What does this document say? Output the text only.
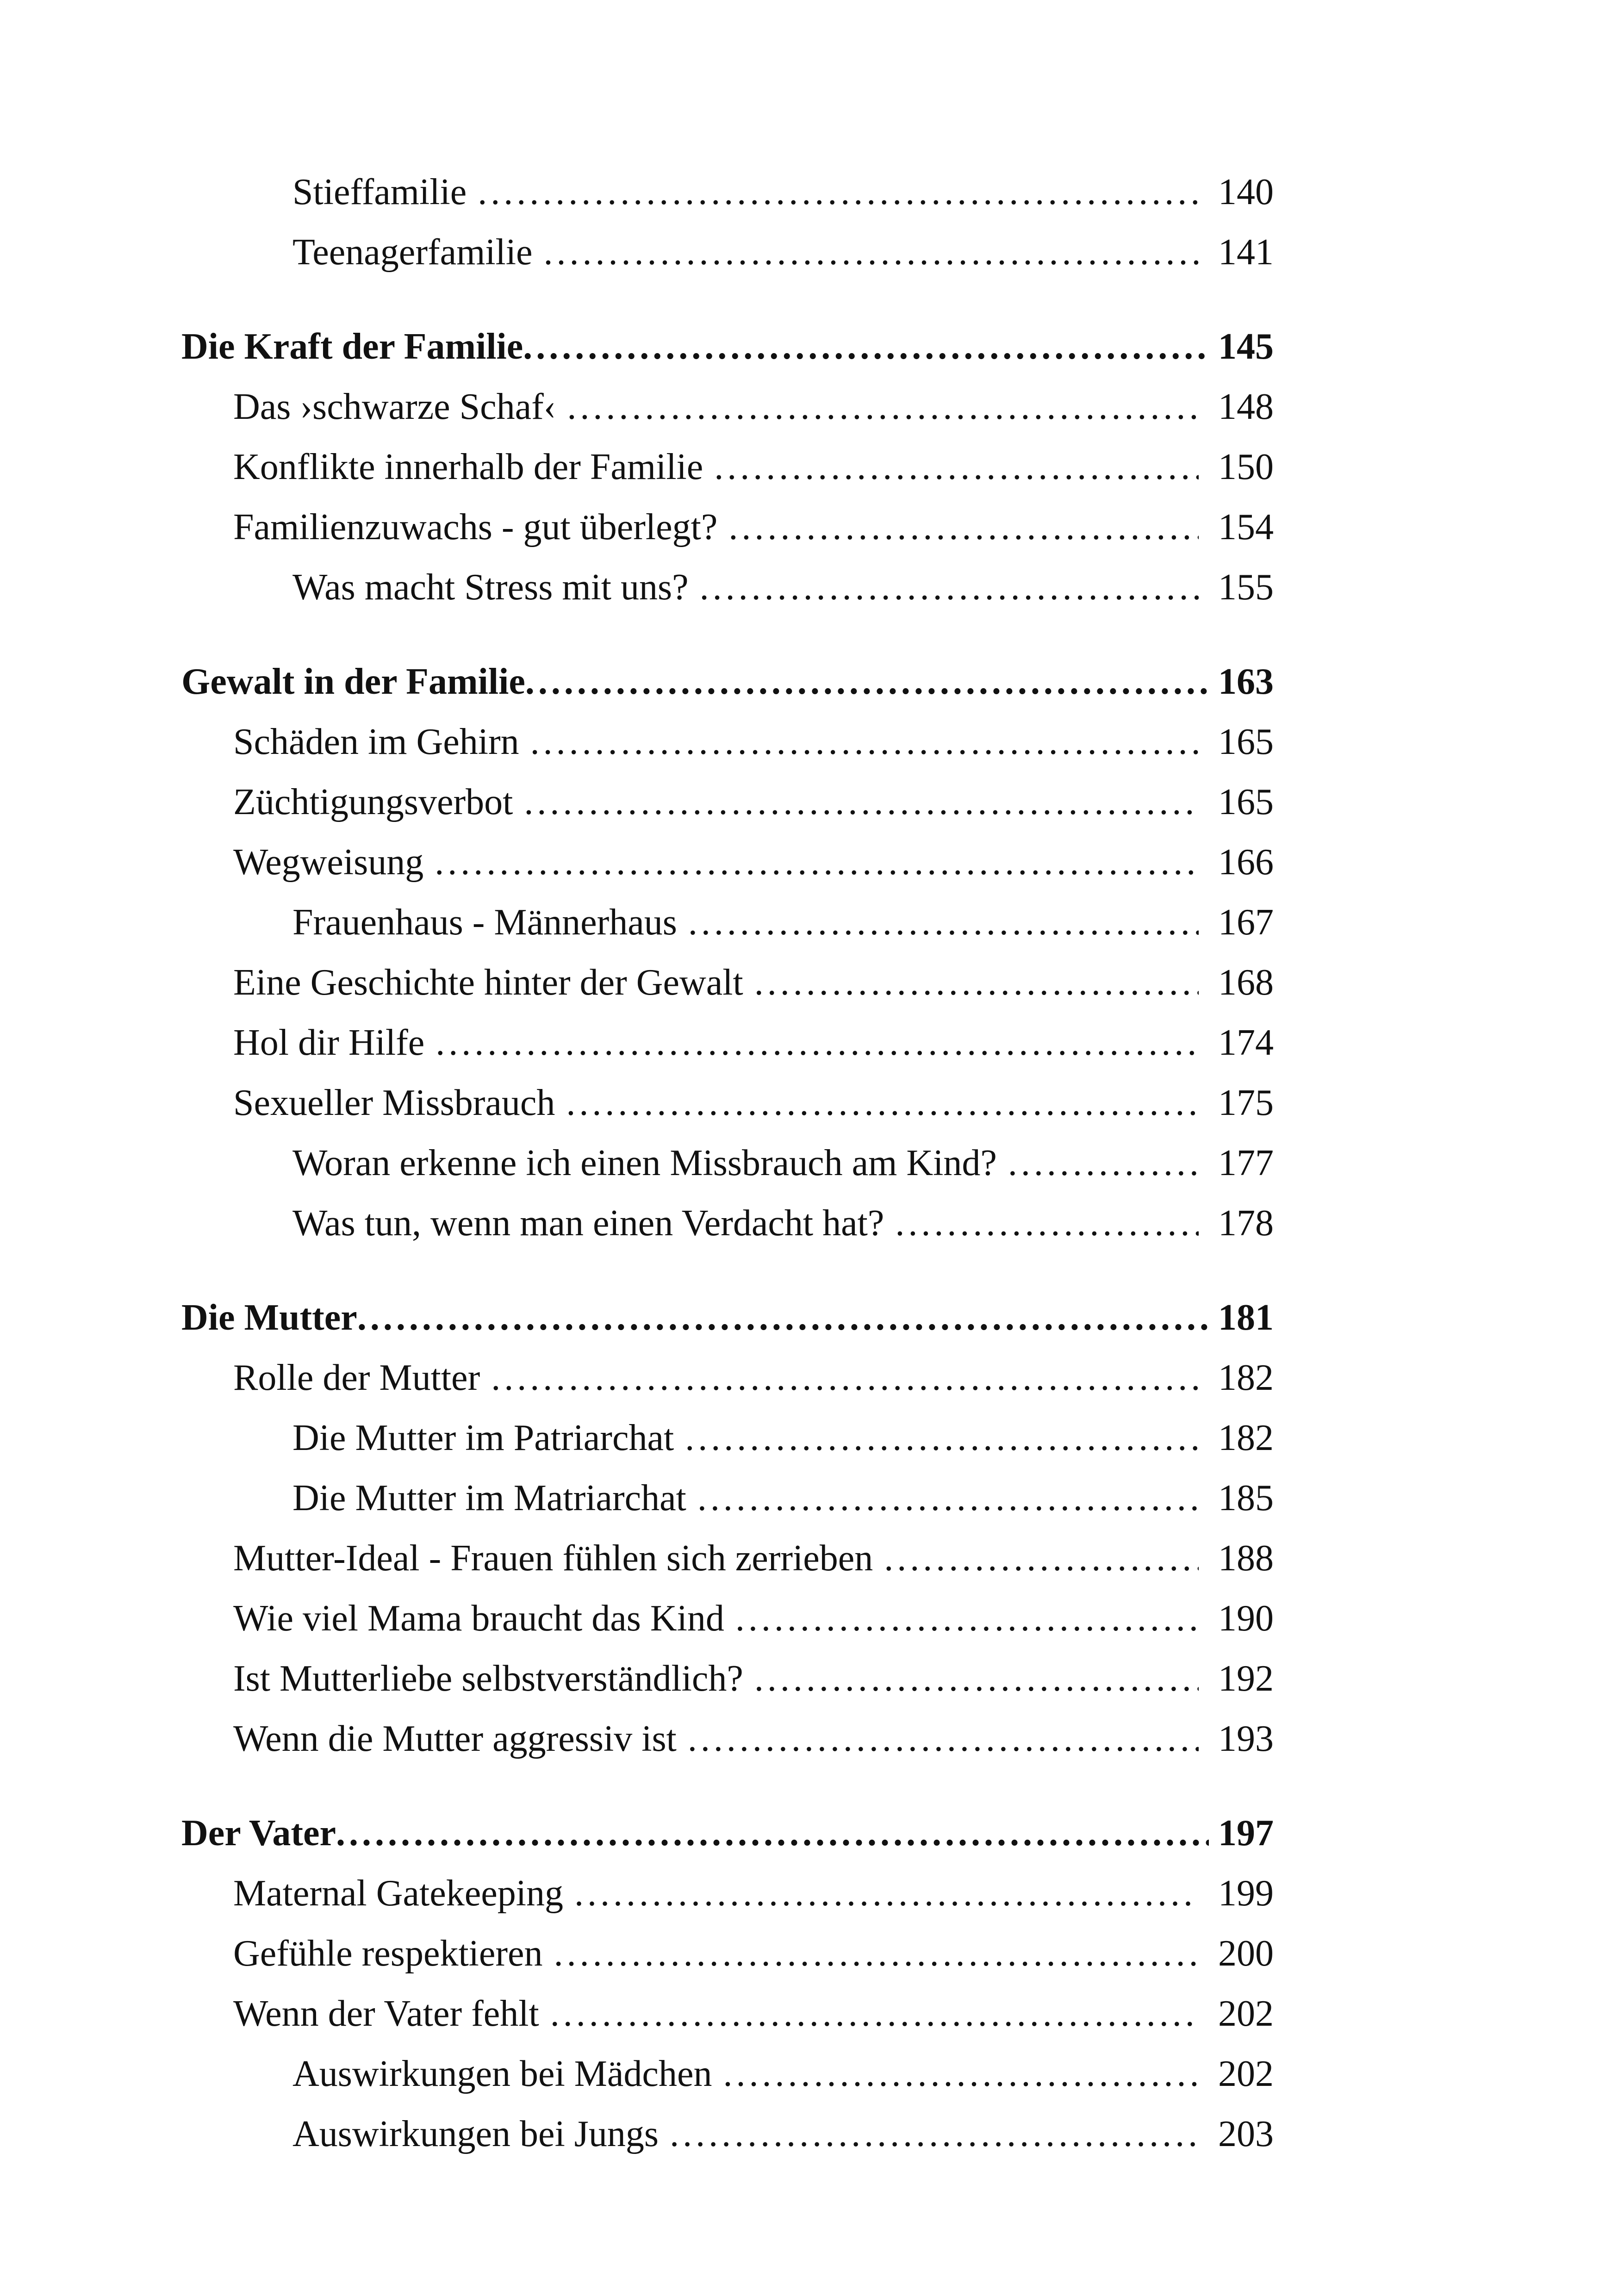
Stieffamilie .....	140
Teenagerfamilie .....	141
Die Kraft der Familie .....	145
Das ›schwarze Schaf‹ .....	148
Konflikte innerhalb der Familie .....	150
Familienzuwachs - gut überlegt? .....	154
Was macht Stress mit uns? .....	155
Gewalt in der Familie .....	163
Schäden im Gehirn .....	165
Züchtigungsverbot .....	165
Wegweisung .....	166
Frauenhaus - Männerhaus .....	167
Eine Geschichte hinter der Gewalt .....	168
Hol dir Hilfe .....	174
Sexueller Missbrauch .....	175
Woran erkenne ich einen Missbrauch am Kind? .....	177
Was tun, wenn man einen Verdacht hat? .....	178
Die Mutter .....	181
Rolle der Mutter .....	182
Die Mutter im Patriarchat .....	182
Die Mutter im Matriarchat .....	185
Mutter-Ideal - Frauen fühlen sich zerrieben .....	188
Wie viel Mama braucht das Kind .....	190
Ist Mutterliebe selbstverständlich? .....	192
Wenn die Mutter aggressiv ist .....	193
Der Vater .....	197
Maternal Gatekeeping .....	199
Gefühle respektieren .....	200
Wenn der Vater fehlt .....	202
Auswirkungen bei Mädchen .....	202
Auswirkungen bei Jungs .....	203
